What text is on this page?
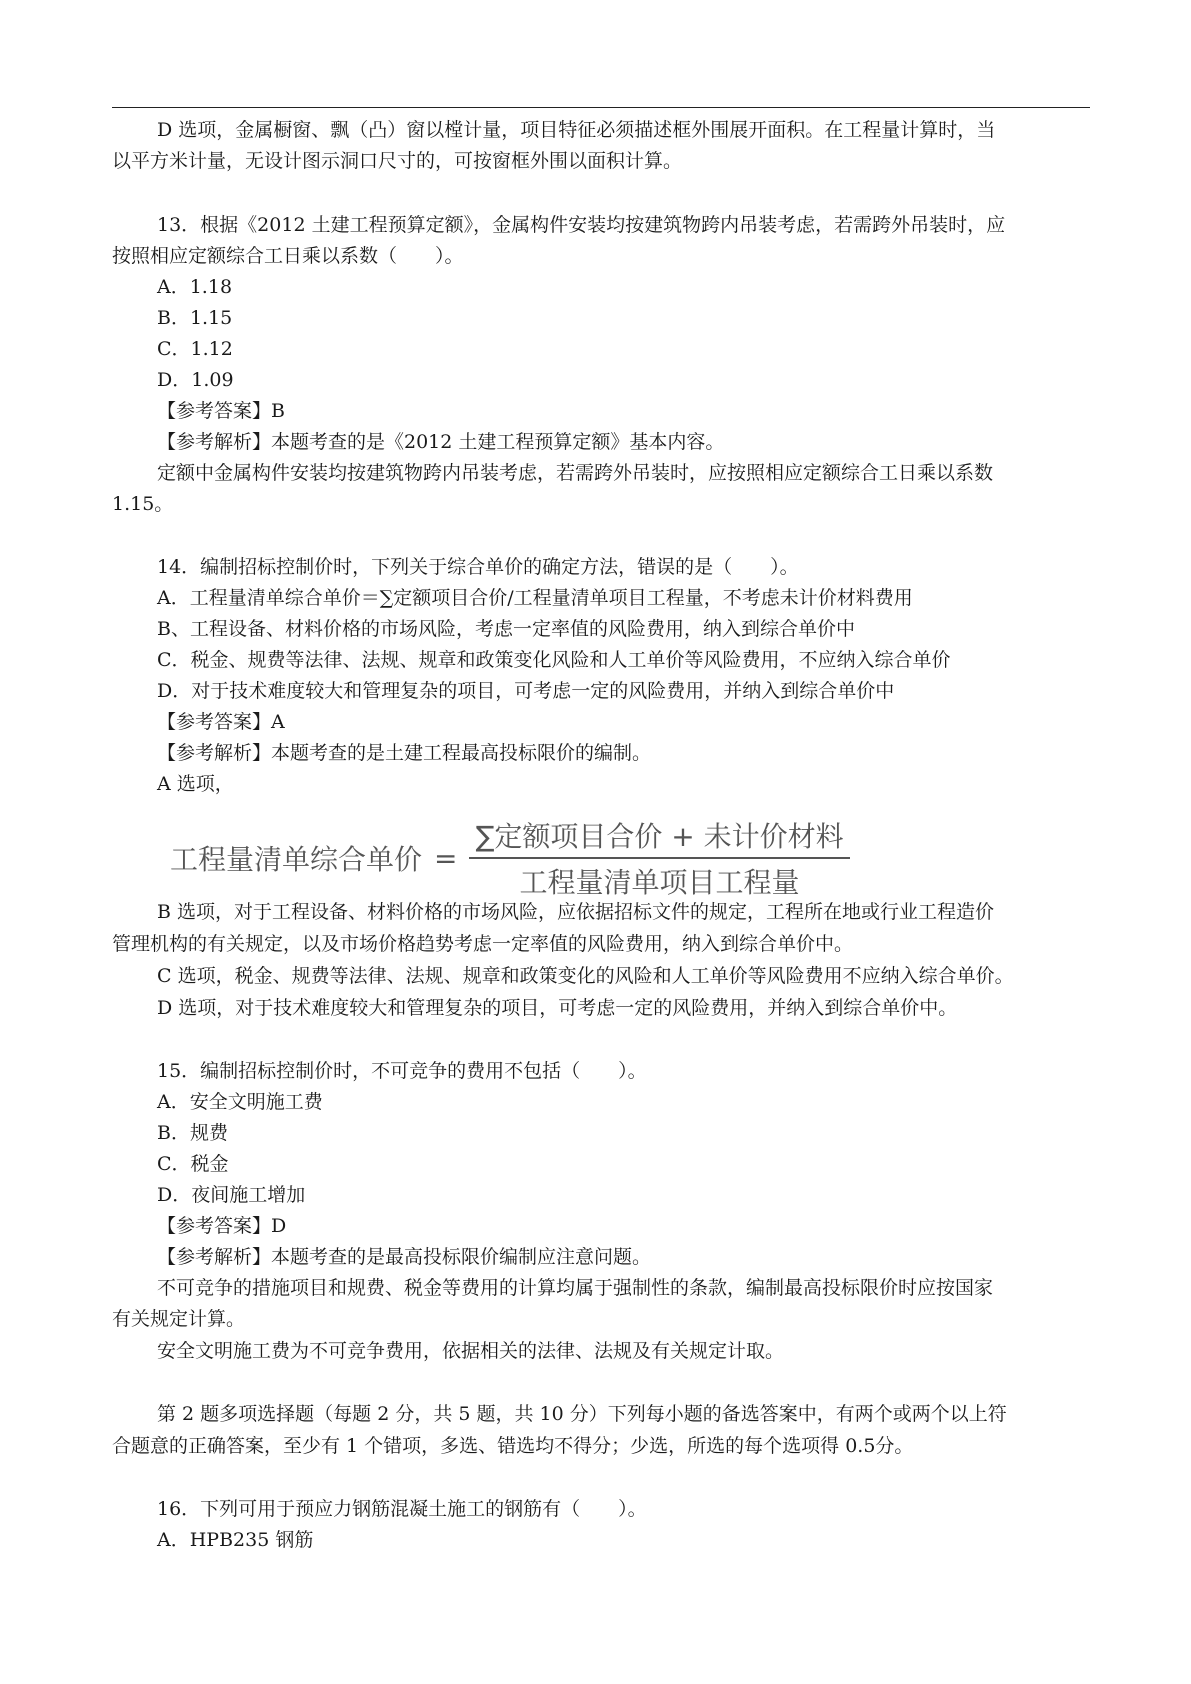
D 选项，金属橱窗、飘（凸）窗以樘计量，项目特征必须描述框外围展开面积。在工程量计算时，当
以平方米计量，无设计图示洞口尺寸的，可按窗框外围以面积计算。
13．根据《2012 土建工程预算定额》，金属构件安装均按建筑物跨内吊装考虑，若需跨外吊装时，应
按照相应定额综合工日乘以系数（　　）。
A．1.18
B．1.15
C．1.12
D．1.09
【参考答案】B
【参考解析】本题考查的是《2012 土建工程预算定额》基本内容。
定额中金属构件安装均按建筑物跨内吊装考虑，若需跨外吊装时，应按照相应定额综合工日乘以系数
1.15。
14．编制招标控制价时，下列关于综合单价的确定方法，错误的是（　　）。
A．工程量清单综合单价＝∑定额项目合价/工程量清单项目工程量，不考虑未计价材料费用
B、工程设备、材料价格的市场风险，考虑一定率值的风险费用，纳入到综合单价中
C．税金、规费等法律、法规、规章和政策变化风险和人工单价等风险费用，不应纳入综合单价
D．对于技术难度较大和管理复杂的项目，可考虑一定的风险费用，并纳入到综合单价中
【参考答案】A
【参考解析】本题考查的是土建工程最高投标限价的编制。
A 选项，
B 选项，对于工程设备、材料价格的市场风险，应依据招标文件的规定，工程所在地或行业工程造价
管理机构的有关规定，以及市场价格趋势考虑一定率值的风险费用，纳入到综合单价中。
C 选项，税金、规费等法律、法规、规章和政策变化的风险和人工单价等风险费用不应纳入综合单价。
D 选项，对于技术难度较大和管理复杂的项目，可考虑一定的风险费用，并纳入到综合单价中。
15．编制招标控制价时，不可竞争的费用不包括（　　）。
A．安全文明施工费
B．规费
C．税金
D．夜间施工增加
【参考答案】D
【参考解析】本题考查的是最高投标限价编制应注意问题。
不可竞争的措施项目和规费、税金等费用的计算均属于强制性的条款，编制最高投标限价时应按国家
有关规定计算。
安全文明施工费为不可竞争费用，依据相关的法律、法规及有关规定计取。
第 2 题多项选择题（每题 2 分，共 5 题，共 10 分）下列每小题的备选答案中，有两个或两个以上符
合题意的正确答案，至少有 1 个错项，多选、错选均不得分；少选，所选的每个选项得 0.5分。
16．下列可用于预应力钢筋混凝土施工的钢筋有（　　）。
A．HPB235 钢筋
工程量清单综合单价 = $\frac{\text{∑定额项目合价 + 未计价材料}}{\text{工程量清单项目工程量}}$
